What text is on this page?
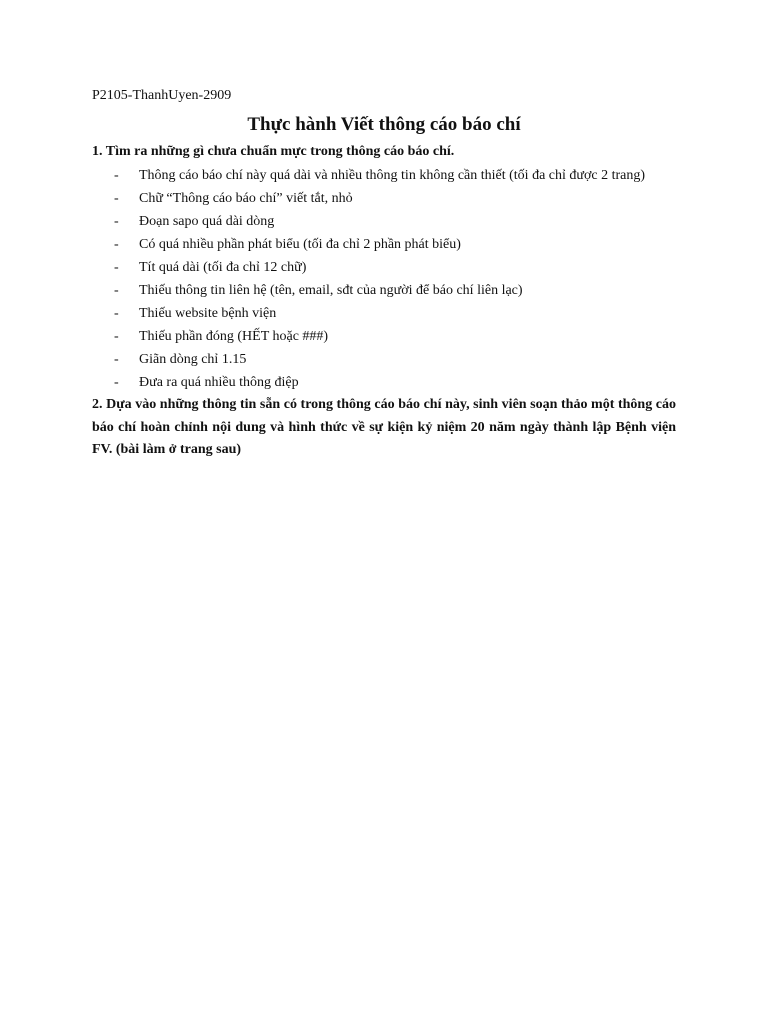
P2105-ThanhUyen-2909

Thực hành Viết thông cáo báo chí

1. Tìm ra những gì chưa chuẩn mực trong thông cáo báo chí.

- Thông cáo báo chí này quá dài và nhiều thông tin không cần thiết (tối đa chỉ được 2 trang)
- Chữ “Thông cáo báo chí” viết tắt, nhỏ
- Đoạn sapo quá dài dòng
- Có quá nhiều phần phát biểu (tối đa chỉ 2 phần phát biểu)
- Tít quá dài (tối đa chỉ 12 chữ)
- Thiếu thông tin liên hệ (tên, email, sđt của người để báo chí liên lạc)
- Thiếu website bệnh viện
- Thiếu phần đóng (HẾT hoặc ###)
- Giãn dòng chỉ 1.15
- Đưa ra quá nhiều thông điệp

2. Dựa vào những thông tin sẵn có trong thông cáo báo chí này, sinh viên soạn thảo một thông cáo báo chí hoàn chỉnh nội dung và hình thức về sự kiện kỷ niệm 20 năm ngày thành lập Bệnh viện FV. (bài làm ở trang sau)
